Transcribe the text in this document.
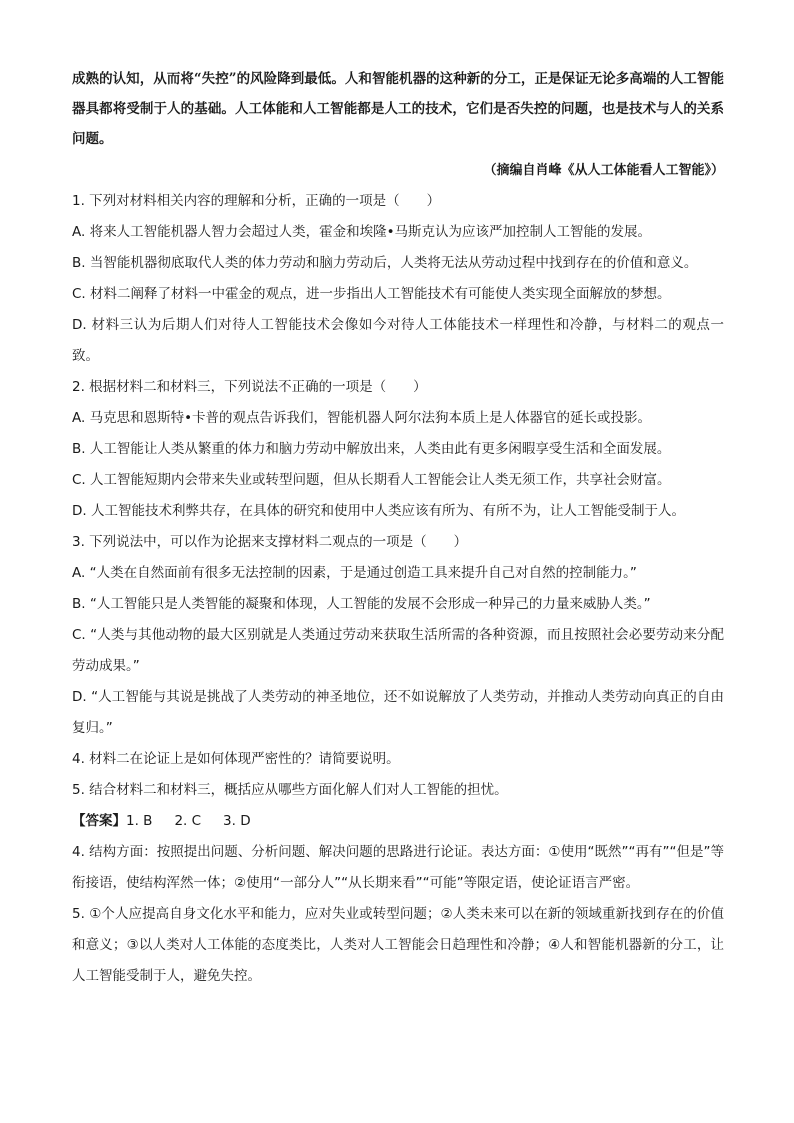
成熟的认知，从而将“失控”的风险降到最低。人和智能机器的这种新的分工，正是保证无论多高端的人工智能器具都将受制于人的基础。人工体能和人工智能都是人工的技术，它们是否失控的问题，也是技术与人的关系问题。

（摘编自肖峰《从人工体能看人工智能》）

1. 下列对材料相关内容的理解和分析，正确的一项是（　　）

A. 将来人工智能机器人智力会超过人类，霍金和埃隆•马斯克认为应该严加控制人工智能的发展。

B. 当智能机器彻底取代人类的体力劳动和脑力劳动后，人类将无法从劳动过程中找到存在的价值和意义。

C. 材料二阐释了材料一中霍金的观点，进一步指出人工智能技术有可能使人类实现全面解放的梦想。

D. 材料三认为后期人们对待人工智能技术会像如今对待人工体能技术一样理性和冷静，与材料二的观点一致。

2. 根据材料二和材料三，下列说法不正确的一项是（　　）

A. 马克思和恩斯特•卡普的观点告诉我们，智能机器人阿尔法狗本质上是人体器官的延长或投影。

B. 人工智能让人类从繁重的体力和脑力劳动中解放出来，人类由此有更多闲暇享受生活和全面发展。

C. 人工智能短期内会带来失业或转型问题，但从长期看人工智能会让人类无须工作，共享社会财富。

D. 人工智能技术利弊共存，在具体的研究和使用中人类应该有所为、有所不为，让人工智能受制于人。

3. 下列说法中，可以作为论据来支撑材料二观点的一项是（　　）

A. “人类在自然面前有很多无法控制的因素，于是通过创造工具来提升自己对自然的控制能力。”

B. “人工智能只是人类智能的凝聚和体现，人工智能的发展不会形成一种异己的力量来威胁人类。”

C. “人类与其他动物的最大区别就是人类通过劳动来获取生活所需的各种资源，而且按照社会必要劳动来分配劳动成果。”

D. “人工智能与其说是挑战了人类劳动的神圣地位，还不如说解放了人类劳动，并推动人类劳动向真正的自由复归。”

4. 材料二在论证上是如何体现严密性的？请简要说明。

5. 结合材料二和材料三，概括应从哪些方面化解人们对人工智能的担忧。

【答案】1. B 2. C 3. D

4. 结构方面：按照提出问题、分析问题、解决问题的思路进行论证。表达方面：①使用“既然”“再有”“但是”等衔接语，使结构浑然一体；②使用“一部分人”“从长期来看”“可能”等限定语，使论证语言严密。

5. ①个人应提高自身文化水平和能力，应对失业或转型问题；②人类未来可以在新的领域重新找到存在的价值和意义；③以人类对人工体能的态度类比，人类对人工智能会日趋理性和冷静；④人和智能机器新的分工，让人工智能受制于人，避免失控。
